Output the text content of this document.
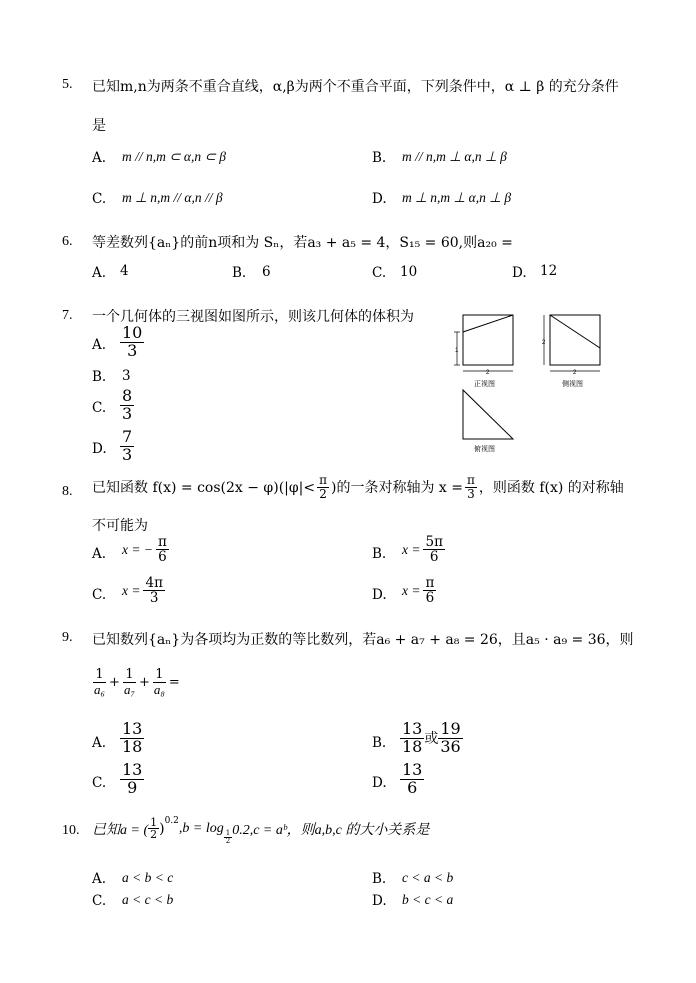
5. 已知m,n为两条不重合直线，α,β为两个不重合平面，下列条件中，α ⊥ β 的充分条件
是
A. m // n,m ⊂ α,n ⊂ β	B. m // n,m ⊥ α,n ⊥ β
C. m ⊥ n,m // α,n // β	D. m ⊥ n,m ⊥ α,n ⊥ β
6. 等差数列{aₙ}的前n项和为 Sₙ，若a₃ + a₅ = 4，S₁₅ = 60,则a₂₀ =
A. 4	B. 6	C. 10	D. 12
7. 一个几何体的三视图如图所示，则该几何体的体积为
A. $\frac{10}{3}$
B. 3
C. $\frac{8}{3}$
D. $\frac{7}{3}$
1
2
正视图
2
2
侧视图
俯视图
8. 已知函数 $f(x) = \cos(2x - \varphi)(|\varphi|< \frac{\pi}{2}$ )的一条对称轴为 $x = \frac{\pi}{3}$ ，则函数 f(x) 的对称轴
不可能为
A. x = − $\frac{\pi}{6}$	B. $x = \frac{5\pi}{6}$
C. $x = \frac{4\pi}{3}$	D. $x = \frac{\pi}{6}$
9. 已知数列{aₙ}为各项均为正数的等比数列，若a₆ + a₇ + a₈ = 26，且a₅ · a₉ = 36，则
$\frac{1}{\text{a₆}} + \frac{1}{\text{a₇}} + \frac{1}{\text{a₈}}$ =
A. $\frac{13}{18}$	B. $\frac{13}{18}$ 或 $\frac{19}{36}$
C. $\frac{13}{9}$	D. $\frac{13}{6}$
10. 已知a = ( $\frac{1}{2} )^{0.2}$ ,b = log
$\frac{1}{2} 0.2,c$ = aᵇ，则a,b,c 的大小关系是
A. a < b < c	B. c < a < b
C. a < c < b	D. b < c < a
